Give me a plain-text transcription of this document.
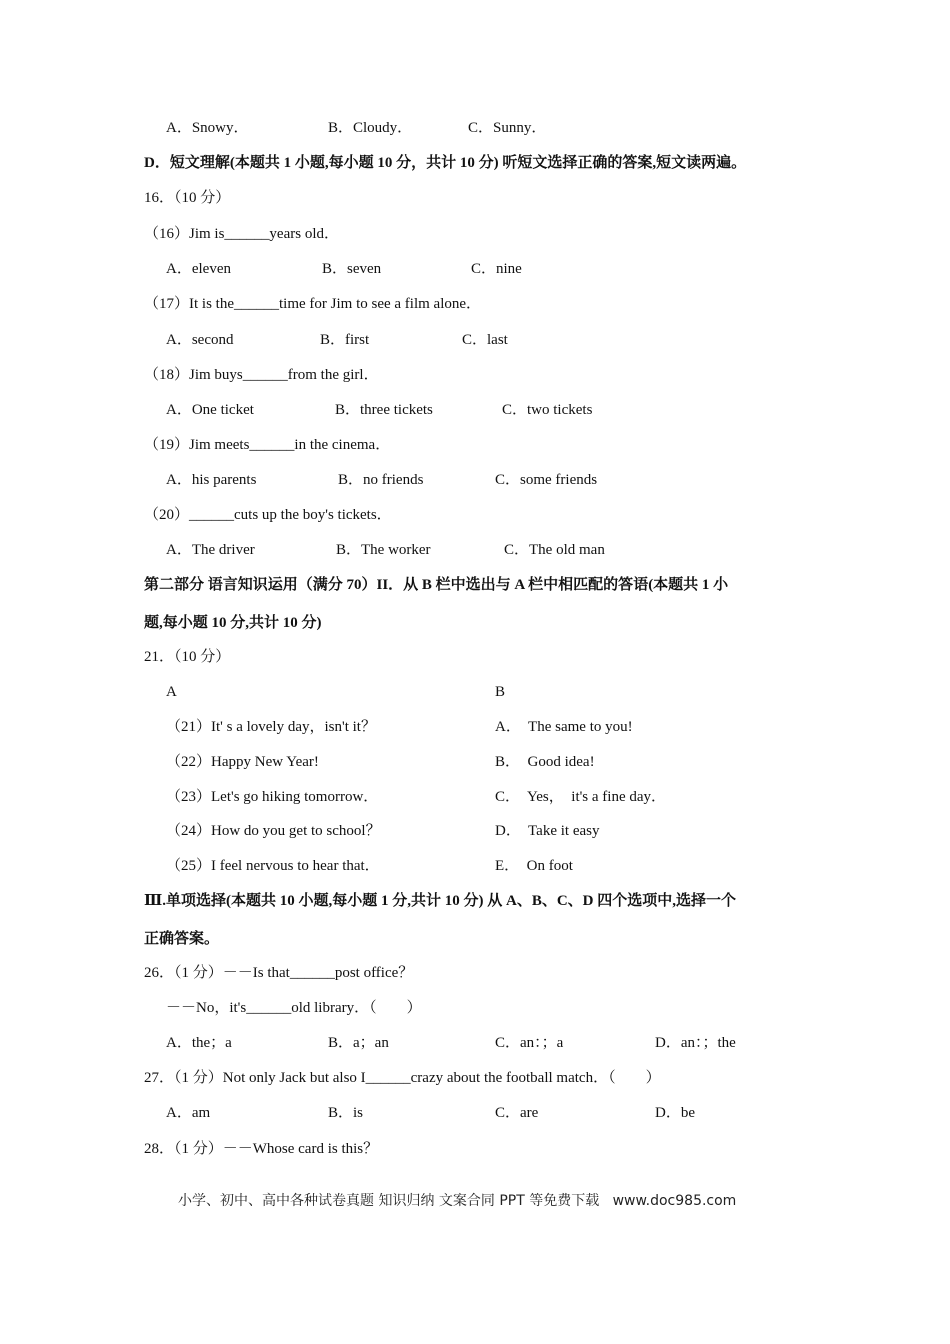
A．Snowy．	B．Cloudy．	C．Sunny．
D．短文理解(本题共 1 小题,每小题 10 分，共计 10 分) 听短文选择正确的答案,短文读两遍。
16．（10 分）
（16）Jim is______years old．
A．eleven	B．seven	C．nine
（17）It is the______time for Jim to see a film alone．
A．second	B．first	C．last
（18）Jim buys______from the girl．
A．One ticket	B．three tickets	C．two tickets
（19）Jim meets______in the cinema．
A．his parents	B．no friends	C．some friends
（20）______cuts up the boy's tickets．
A．The driver	B．The worker	C．The old man
第二部分 语言知识运用（满分 70）II．从 B 栏中选出与 A 栏中相匹配的答语(本题共 1 小
题,每小题 10 分,共计 10 分)
21．（10 分）
A	B
（21）It' s a lovely day，isn't it？	A．  The same to you!
（22）Happy New Year!	B．  Good idea!
（23）Let's go hiking tomorrow．	C．  Yes，  it's a fine day．
（24）How do you get to school？	D．  Take it easy
（25）I feel nervous to hear that．	E．  On foot
Ⅲ.单项选择(本题共 10 小题,每小题 1 分,共计 10 分) 从 A、B、C、D 四个选项中,选择一个
正确答案。
26．（1 分）－－Is that______post office？
－－No，it's______old library．（　　）
A．the；a	B．a；an	C．an：；a	D．an：；the
27．（1 分）Not only Jack but also I______crazy about the football match．（　　）
A．am	B．is	C．are	D．be
28．（1 分）－－Whose card is this？
小学、初中、高中各种试卷真题 知识归纳 文案合同 PPT 等免费下载   www.doc985.com
